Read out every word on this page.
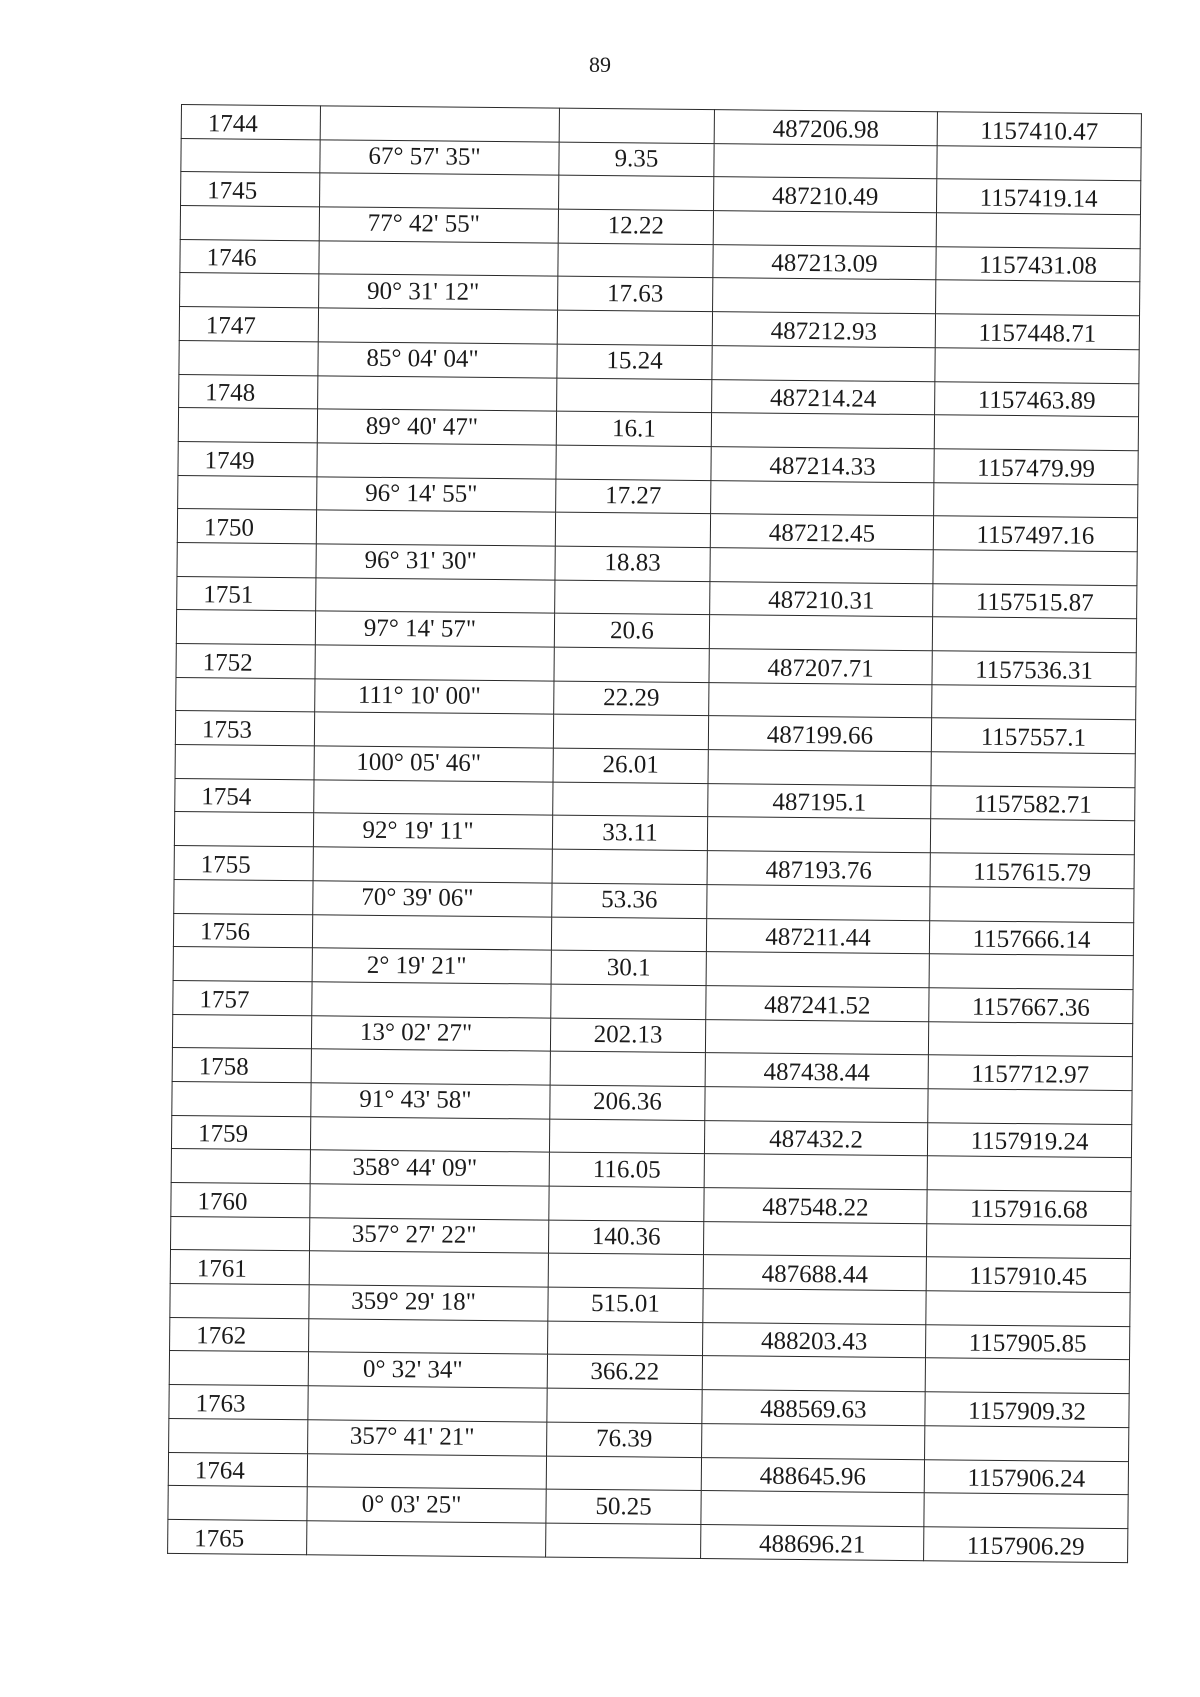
89
1744			487206.98	1157410.47
	67° 57' 35"	9.35		
1745			487210.49	1157419.14
	77° 42' 55"	12.22		
1746			487213.09	1157431.08
	90° 31' 12"	17.63		
1747			487212.93	1157448.71
	85° 04' 04"	15.24		
1748			487214.24	1157463.89
	89° 40' 47"	16.1		
1749			487214.33	1157479.99
	96° 14' 55"	17.27		
1750			487212.45	1157497.16
	96° 31' 30"	18.83		
1751			487210.31	1157515.87
	97° 14' 57"	20.6		
1752			487207.71	1157536.31
	111° 10' 00"	22.29		
1753			487199.66	1157557.1
	100° 05' 46"	26.01		
1754			487195.1	1157582.71
	92° 19' 11"	33.11		
1755			487193.76	1157615.79
	70° 39' 06"	53.36		
1756			487211.44	1157666.14
	2° 19' 21"	30.1		
1757			487241.52	1157667.36
	13° 02' 27"	202.13		
1758			487438.44	1157712.97
	91° 43' 58"	206.36		
1759			487432.2	1157919.24
	358° 44' 09"	116.05		
1760			487548.22	1157916.68
	357° 27' 22"	140.36		
1761			487688.44	1157910.45
	359° 29' 18"	515.01		
1762			488203.43	1157905.85
	0° 32' 34"	366.22		
1763			488569.63	1157909.32
	357° 41' 21"	76.39		
1764			488645.96	1157906.24
	0° 03' 25"	50.25		
1765			488696.21	1157906.29
